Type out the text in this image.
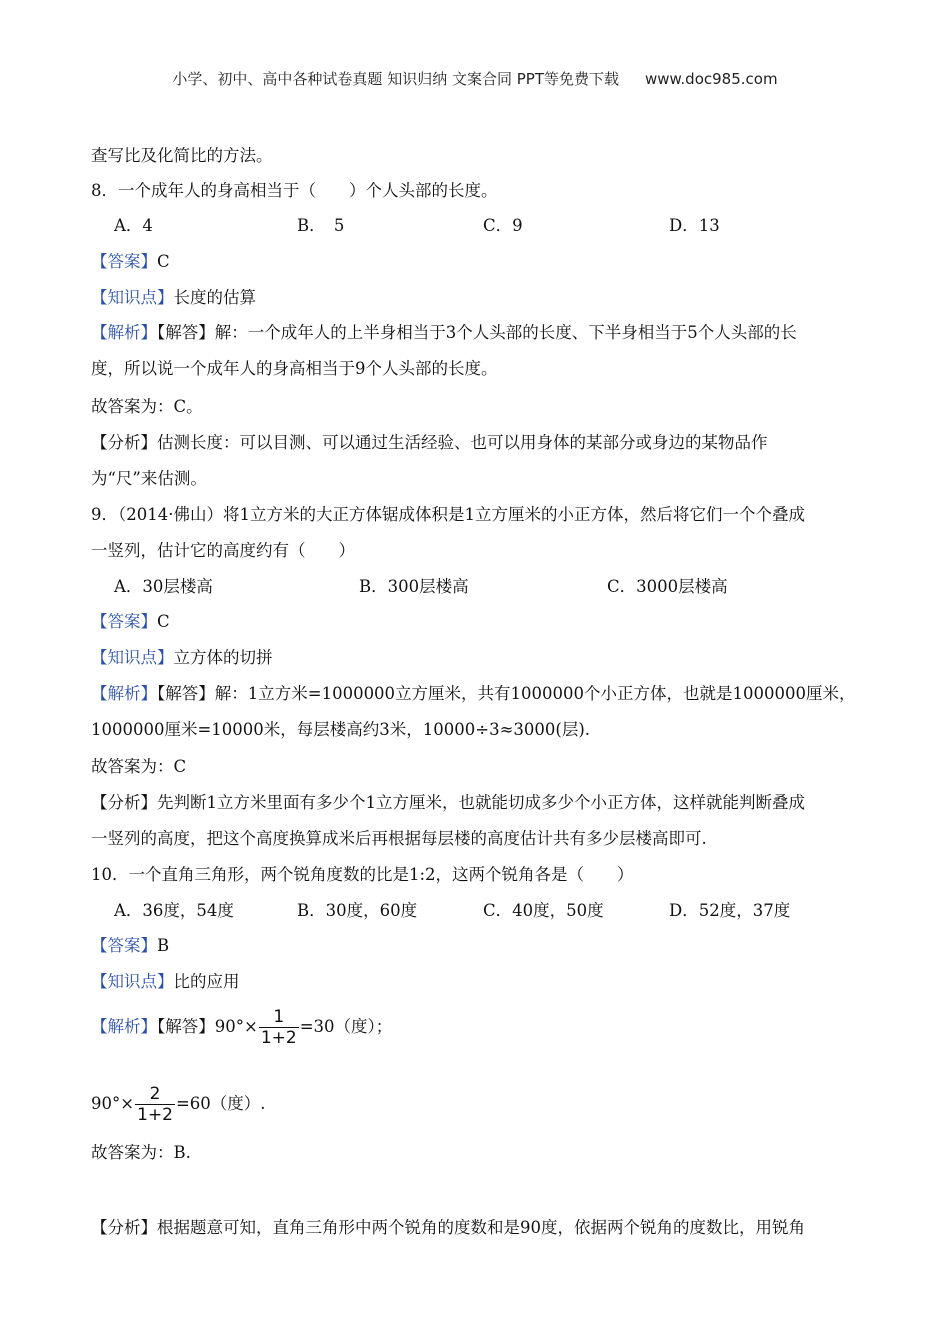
小学、初中、高中各种试卷真题 知识归纳 文案合同 PPT等免费下载 www.doc985.com
查写比及化简比的方法。
8．一个成年人的身高相当于（　　）个人头部的长度。
A．4	B．　5	C．9	D．13
【答案】C
【知识点】长度的估算
【解析】【解答】解：一个成年人的上半身相当于3个人头部的长度、下半身相当于5个人头部的长
度，所以说一个成年人的身高相当于9个人头部的长度。
故答案为：C。
【分析】估测长度：可以目测、可以通过生活经验、也可以用身体的某部分或身边的某物品作
为“尺”来估测。
9．（2014·佛山）将1立方米的大正方体锯成体积是1立方厘米的小正方体，然后将它们一个个叠成
一竖列，估计它的高度约有（　　）
A．30层楼高	B．300层楼高	C．3000层楼高
【答案】C
【知识点】立方体的切拼
【解析】【解答】解：1立方米=1000000立方厘米，共有1000000个小正方体，也就是1000000厘米，
1000000厘米=10000米，每层楼高约3米，10000÷3≈3000(层).
故答案为：C
【分析】先判断1立方米里面有多少个1立方厘米，也就能切成多少个小正方体，这样就能判断叠成
一竖列的高度，把这个高度换算成米后再根据每层楼的高度估计共有多少层楼高即可.
10．一个直角三角形，两个锐角度数的比是1:2，这两个锐角各是（　　）
A．36度，54度	B．30度，60度	C．40度，50度	D．52度，37度
【答案】B
【知识点】比的应用
【解析】【解答】$90^\circ\times \frac{1}{1+2} =30$（度）；
$90^\circ\times \frac{2}{1+2} =60$（度）.
故答案为：B.
【分析】根据题意可知，直角三角形中两个锐角的度数和是90度，依据两个锐角的度数比，用锐角
